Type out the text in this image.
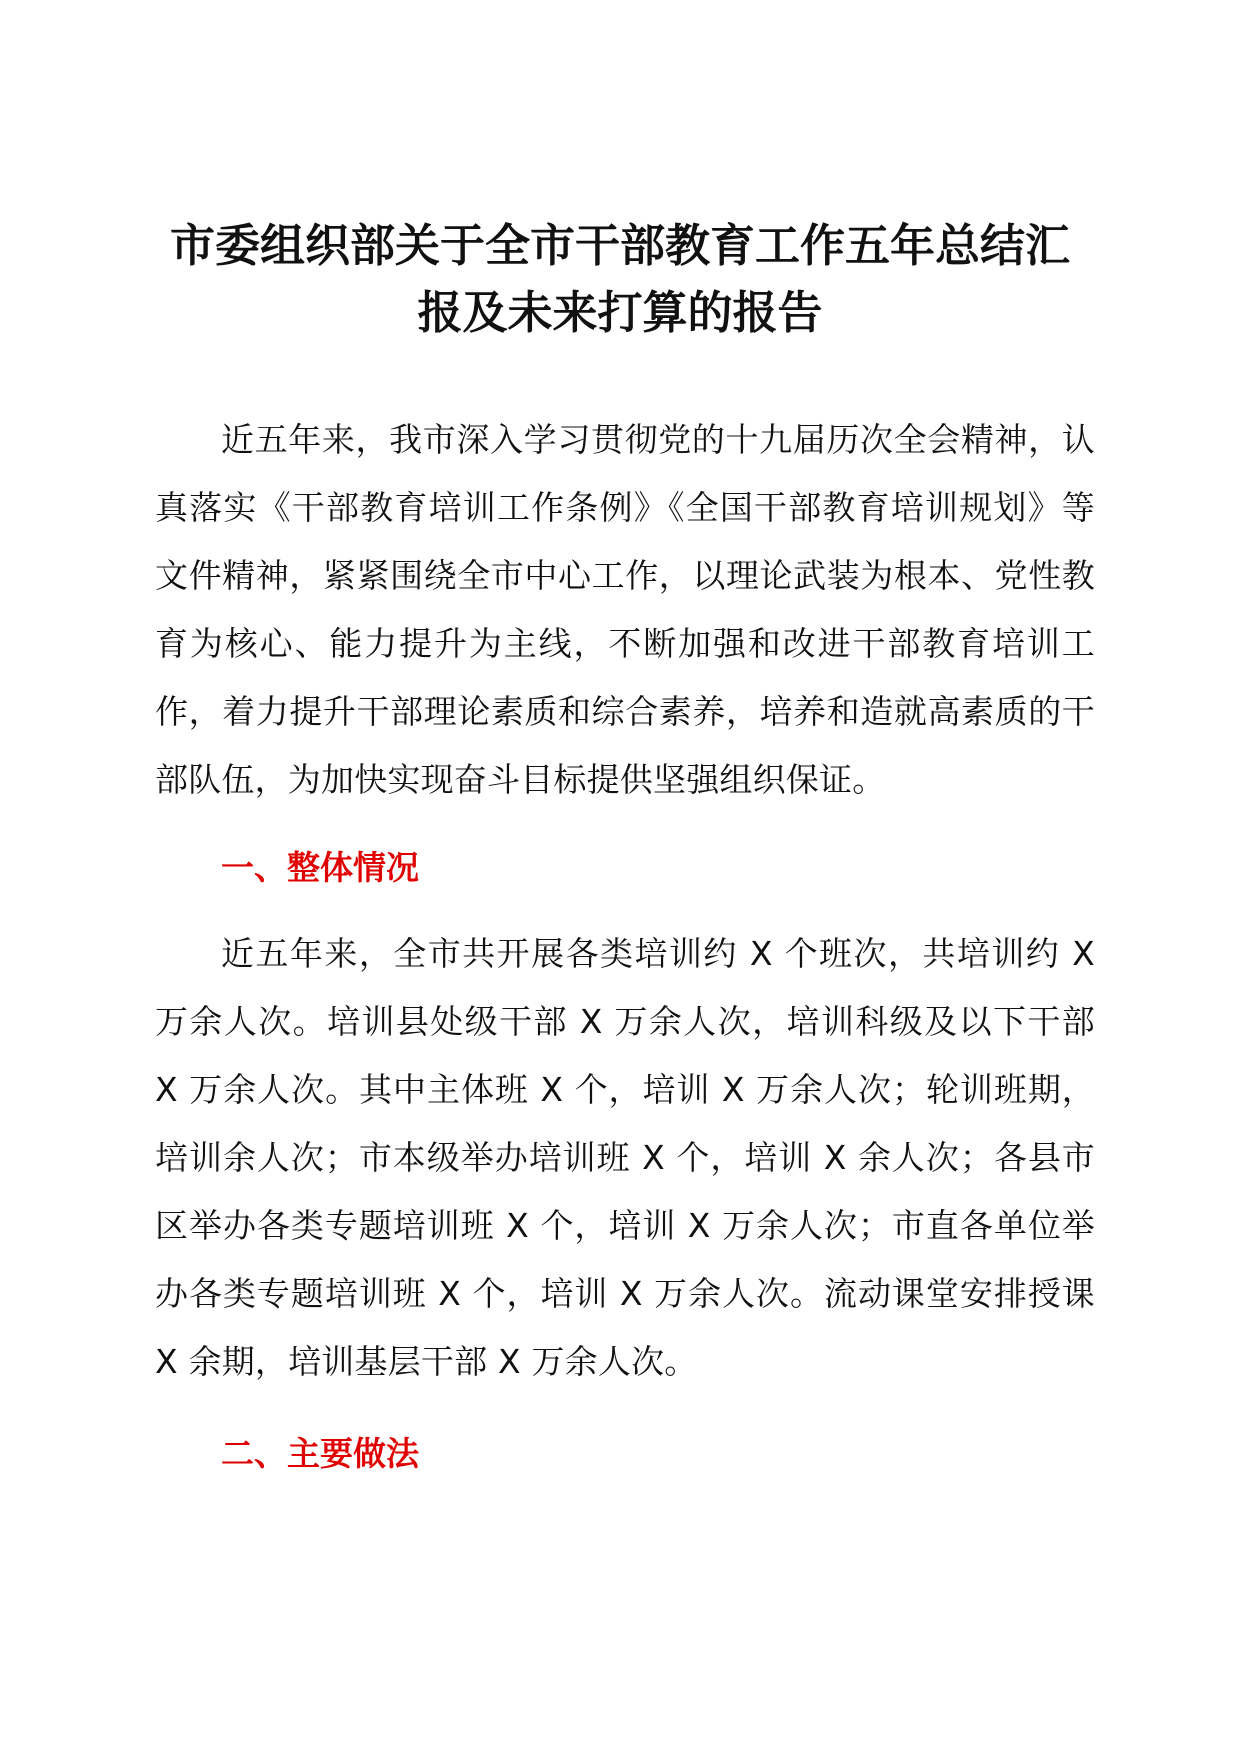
市委组织部关于全市干部教育工作五年总结汇报及未来打算的报告

近五年来，我市深入学习贯彻党的十九届历次全会精神，认真落实《干部教育培训工作条例》《全国干部教育培训规划》等文件精神，紧紧围绕全市中心工作，以理论武装为根本、党性教育为核心、能力提升为主线，不断加强和改进干部教育培训工作，着力提升干部理论素质和综合素养，培养和造就高素质的干部队伍，为加快实现奋斗目标提供坚强组织保证。

一、整体情况

近五年来，全市共开展各类培训约 X 个班次，共培训约 X 万余人次。培训县处级干部 X 万余人次，培训科级及以下干部 X 万余人次。其中主体班 X 个，培训 X 万余人次；轮训班期，培训余人次；市本级举办培训班 X 个，培训 X 余人次；各县市区举办各类专题培训班 X 个，培训 X 万余人次；市直各单位举办各类专题培训班 X 个，培训 X 万余人次。流动课堂安排授课 X 余期，培训基层干部 X 万余人次。

二、主要做法
